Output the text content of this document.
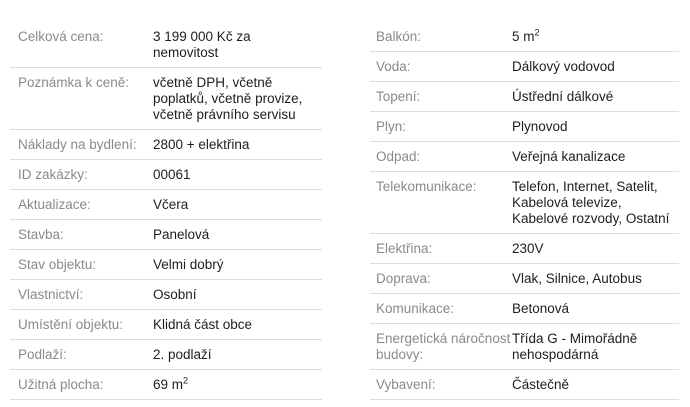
Celková cena:	3 199 000 Kč za nemovitost
Poznámka k ceně:	včetně DPH, včetně poplatků, včetně provize, včetně právního servisu
Náklady na bydlení:	2800 + elektřina
ID zakázky:	00061
Aktualizace:	Včera
Stavba:	Panelová
Stav objektu:	Velmi dobrý
Vlastnictví:	Osobní
Umístění objektu:	Klidná část obce
Podlaží:	2. podlaží
Užitná plocha:	69 $m^2$
Balkón:	5 $m^2$
Voda:	Dálkový vodovod
Topení:	Ústřední dálkové
Plyn:	Plynovod
Odpad:	Veřejná kanalizace
Telekomunikace:	Telefon, Internet, Satelit, Kabelová televize, Kabelové rozvody, Ostatní
Elektřina:	230V
Doprava:	Vlak, Silnice, Autobus
Komunikace:	Betonová
Energetická náročnost budovy:
Třída G - Mimořádně nehospodárná
Vybavení:	Částečně
